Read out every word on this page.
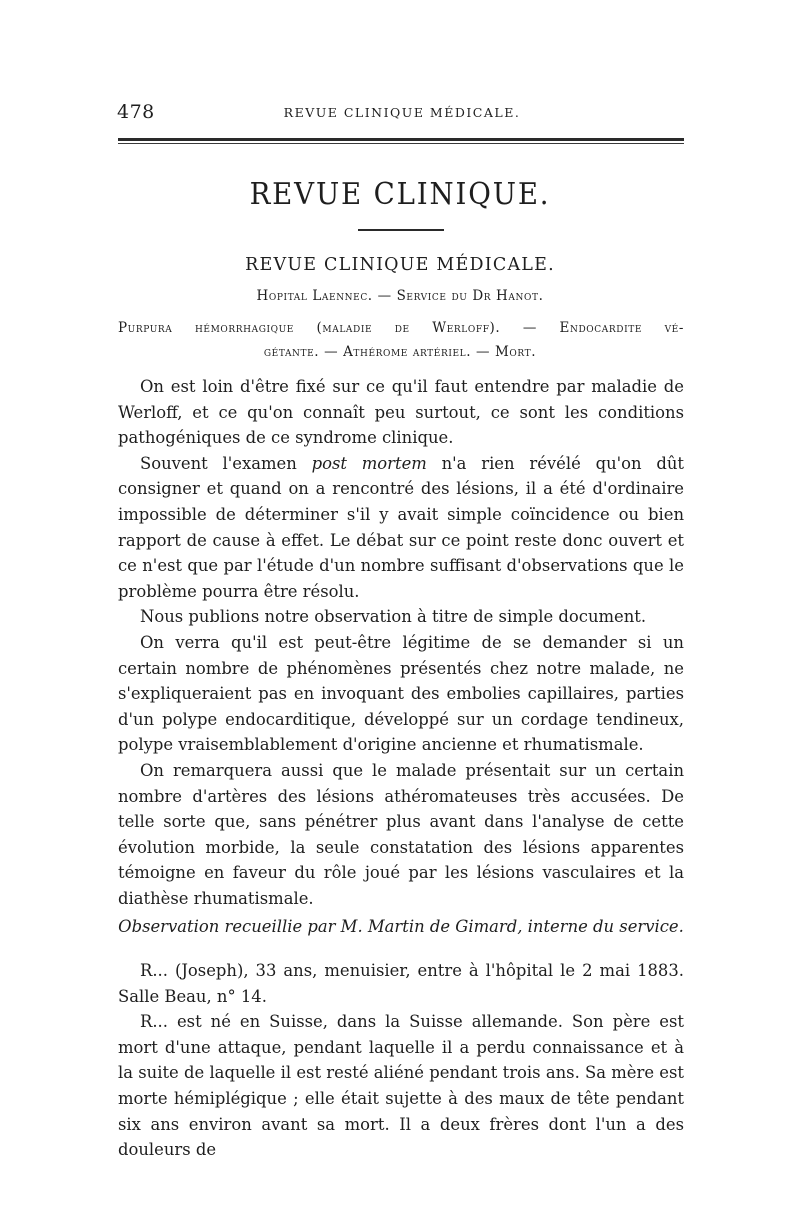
478	REVUE CLINIQUE MÉDICALE.
REVUE CLINIQUE.
REVUE CLINIQUE MÉDICALE.
Hopital Laennec. — Service du Dr Hanot.
Purpura hémorrhagique (maladie de Werloff). — Endocardite vé-
gétante. — Athérome artériel. — Mort.

On est loin d'être fixé sur ce qu'il faut entendre par maladie de Werloff, et ce qu'on connaît peu surtout, ce sont les conditions pathogéniques de ce syndrome clinique.

Souvent l'examen post mortem n'a rien révélé qu'on dût consigner et quand on a rencontré des lésions, il a été d'ordinaire impossible de déterminer s'il y avait simple coïncidence ou bien rapport de cause à effet. Le débat sur ce point reste donc ouvert et ce n'est que par l'étude d'un nombre suffisant d'observations que le problème pourra être résolu.

Nous publions notre observation à titre de simple document.

On verra qu'il est peut-être légitime de se demander si un certain nombre de phénomènes présentés chez notre malade, ne s'expliqueraient pas en invoquant des embolies capillaires, parties d'un polype endocarditique, développé sur un cordage tendineux, polype vraisemblablement d'origine ancienne et rhumatismale.

On remarquera aussi que le malade présentait sur un certain nombre d'artères des lésions athéromateuses très accusées. De telle sorte que, sans pénétrer plus avant dans l'analyse de cette évolution morbide, la seule constatation des lésions apparentes témoigne en faveur du rôle joué par les lésions vasculaires et la diathèse rhumatismale.

Observation recueillie par M. Martin de Gimard, interne du service.

R... (Joseph), 33 ans, menuisier, entre à l'hôpital le 2 mai 1883. Salle Beau, n° 14.

R... est né en Suisse, dans la Suisse allemande. Son père est mort d'une attaque, pendant laquelle il a perdu connaissance et à la suite de laquelle il est resté aliéné pendant trois ans. Sa mère est morte hémiplégique ; elle était sujette à des maux de tête pendant six ans environ avant sa mort. Il a deux frères dont l'un a des douleurs de
